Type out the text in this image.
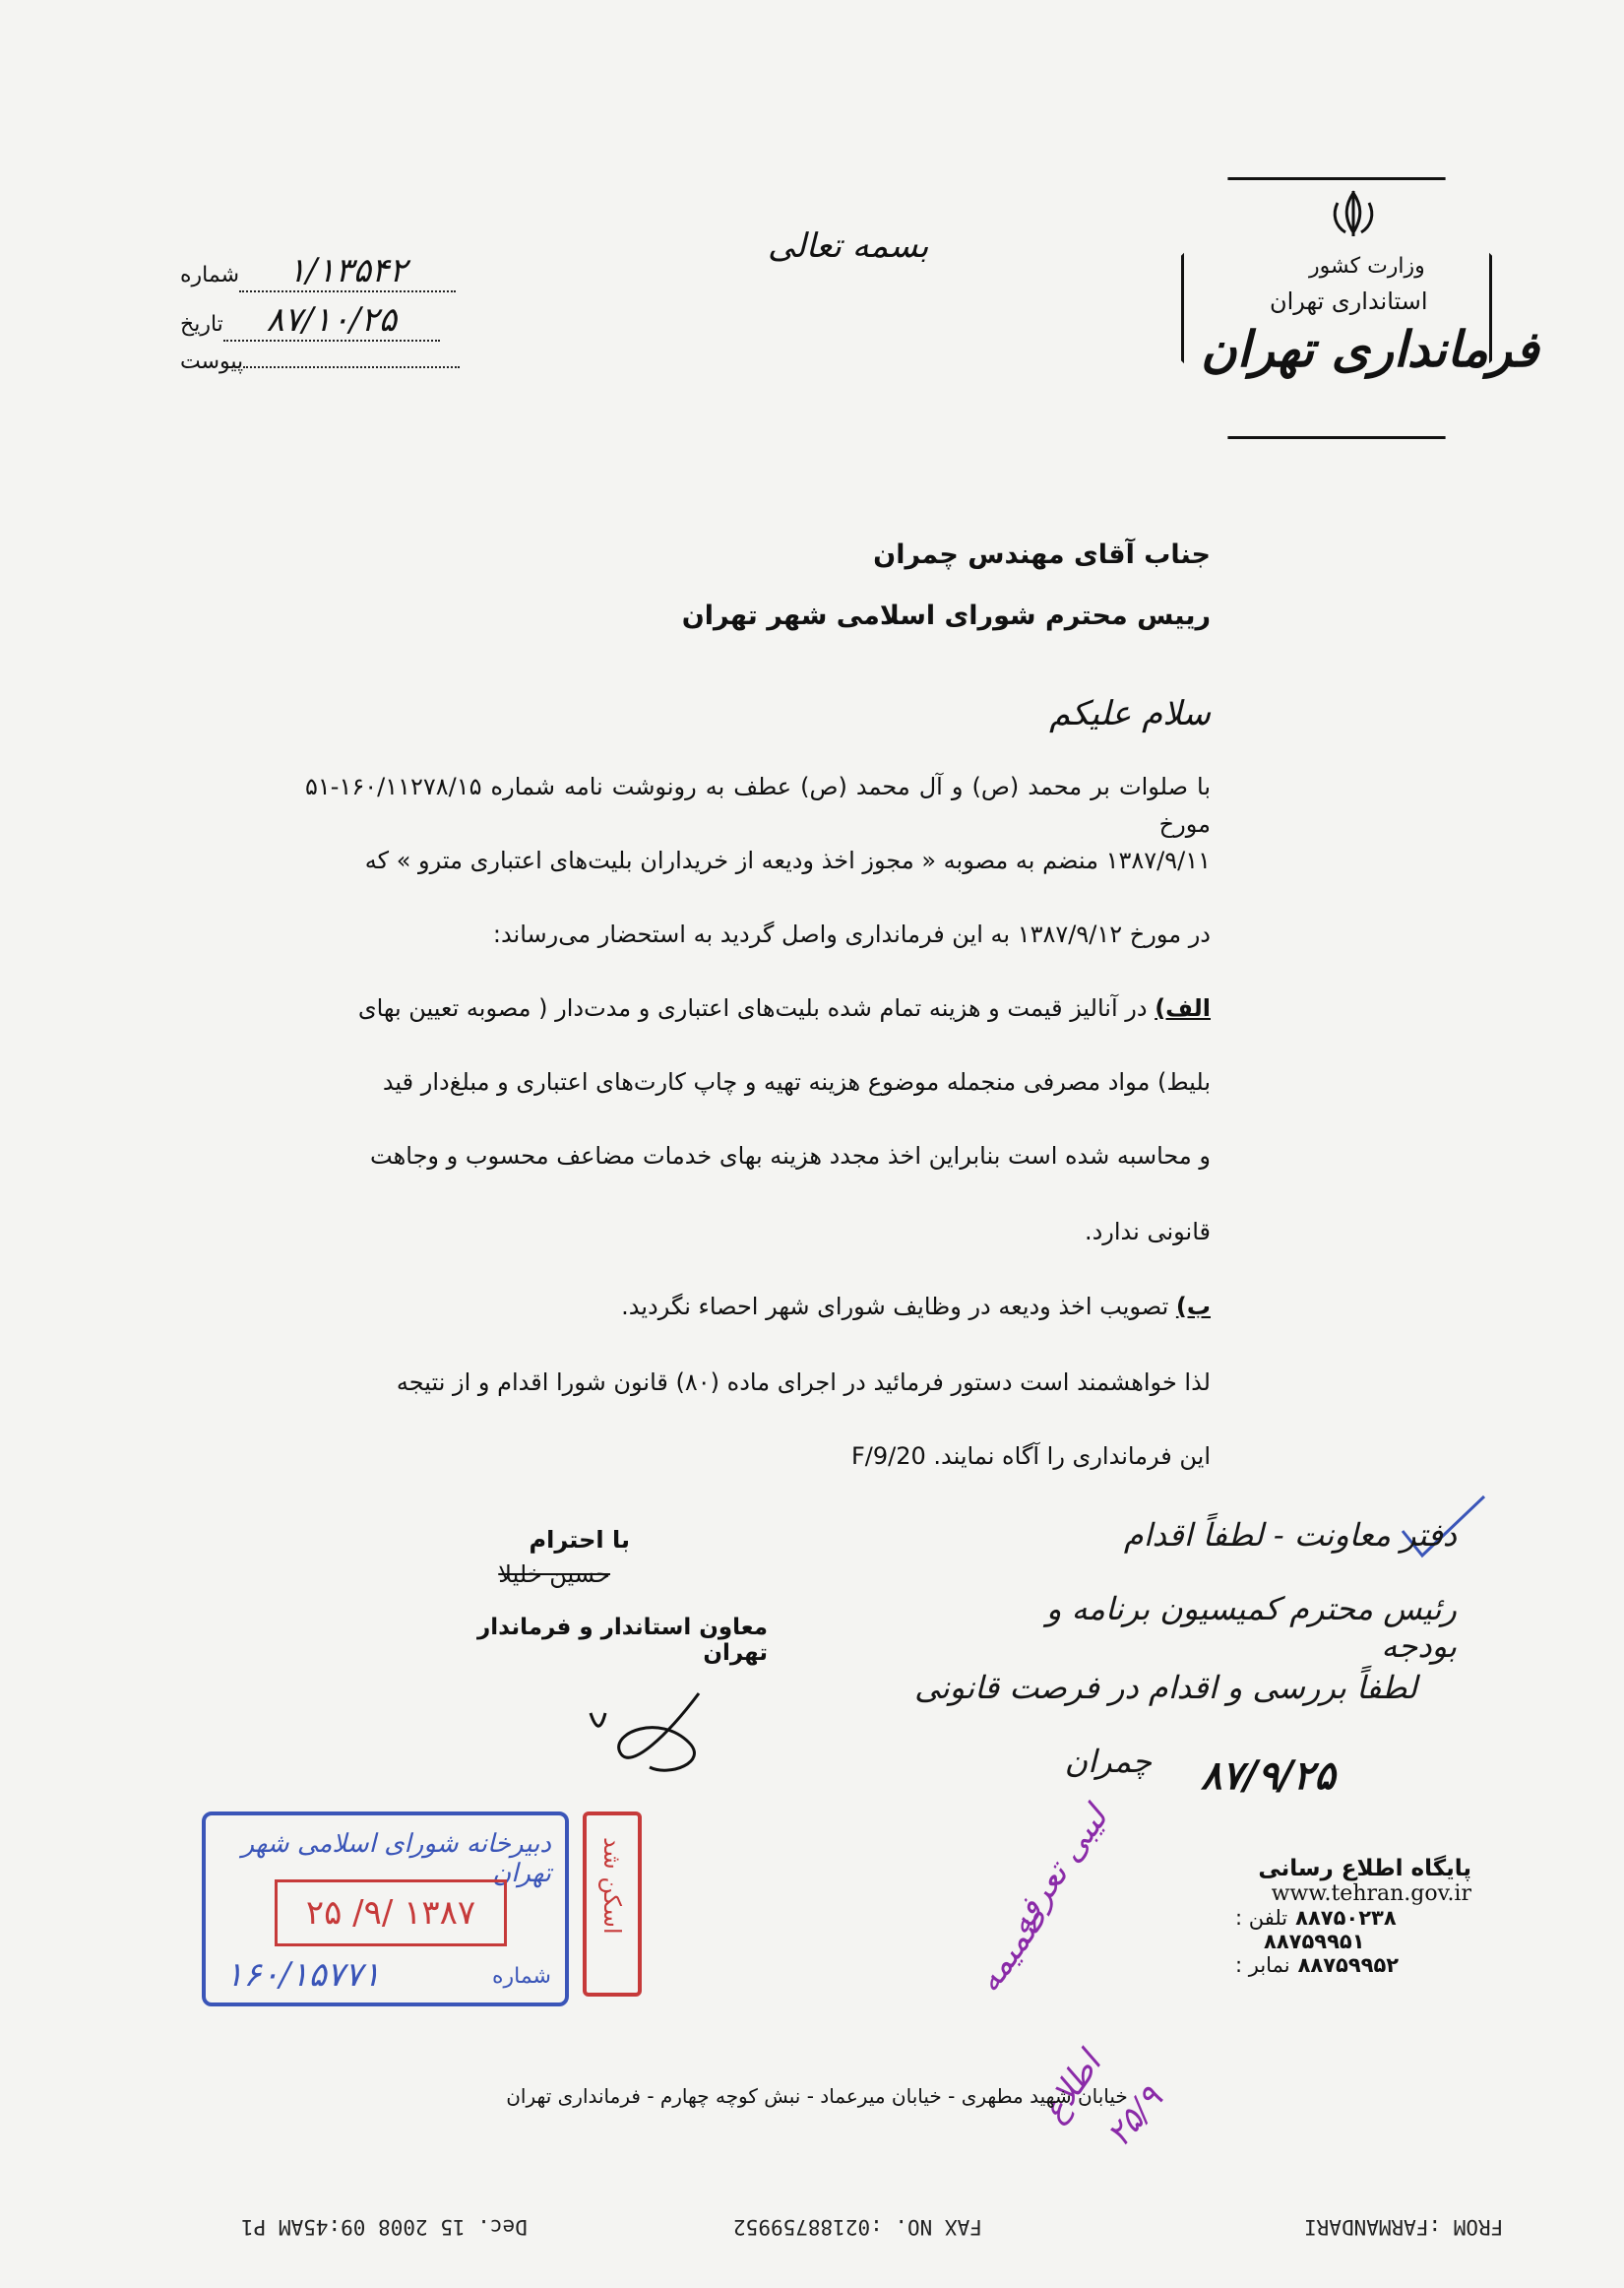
وزارت کشور
استانداری تهران
فرمانداری تهران
بسمه تعالی
شماره	۱/۱۳۵۴۲
تاریخ	۸۷/۱۰/۲۵
پیوست
جناب آقای مهندس چمران
رییس محترم شورای اسلامی شهر تهران
سلام علیکم
با صلوات بر محمد (ص) و آل محمد (ص) عطف به رونوشت نامه شماره ۱۶۰/۱۱۲۷۸/۱۵-۵۱ مورخ
۱۳۸۷/۹/۱۱ منضم به مصوبه « مجوز اخذ ودیعه از خریداران بلیت‌های اعتباری مترو » که
در مورخ ۱۳۸۷/۹/۱۲ به این فرمانداری واصل گردید به استحضار می‌رساند:
الف) در آنالیز قیمت و هزینه تمام شده بلیت‌های اعتباری و مدت‌دار ( مصوبه تعیین بهای
بلیط) مواد مصرفی منجمله موضوع هزینه تهیه و چاپ کارت‌های اعتباری و مبلغ‌دار قید
و محاسبه شده است بنابراین اخذ مجدد هزینه بهای خدمات مضاعف محسوب و وجاهت
قانونی ندارد.
ب) تصویب اخذ ودیعه در وظایف شورای شهر احصاء نگردید.
لذا خواهشمند است دستور فرمائید در اجرای ماده (۸۰) قانون شورا اقدام و از نتیجه
این فرمانداری را آگاه نمایند. F/9/20
با احترام
حسین خلیلا
معاون استاندار و فرماندار تهران
دفتر معاونت - لطفاً اقدام
رئیس محترم کمیسیون برنامه و بودجه
لطفاً بررسی و اقدام در فرصت قانونی
چمران ۸۷/۹/۲۵
دبیرخانه شورای اسلامی شهر تهران
۱۳۸۷ /۹/ ۲۵
شماره
۱۶۰/۱۵۷۷۱
اسکن شد	پایگاه اطلاع رسانی
www.tehran.gov.ir
تلفن : ۸۸۷۵۰۲۳۸
۸۸۷۵۹۹۵۱
نمابر : ۸۸۷۵۹۹۵۲
لیبی تعرفه
ضمیمه
اطلاع
۲۵/۹
خیابان شهید مطهری - خیابان میرعماد - نبش کوچه چهارم - فرمانداری تهران
FROM :FARMANDARI
FAX NO. :02188759952
Dec. 15 2008 09:45AM P1
